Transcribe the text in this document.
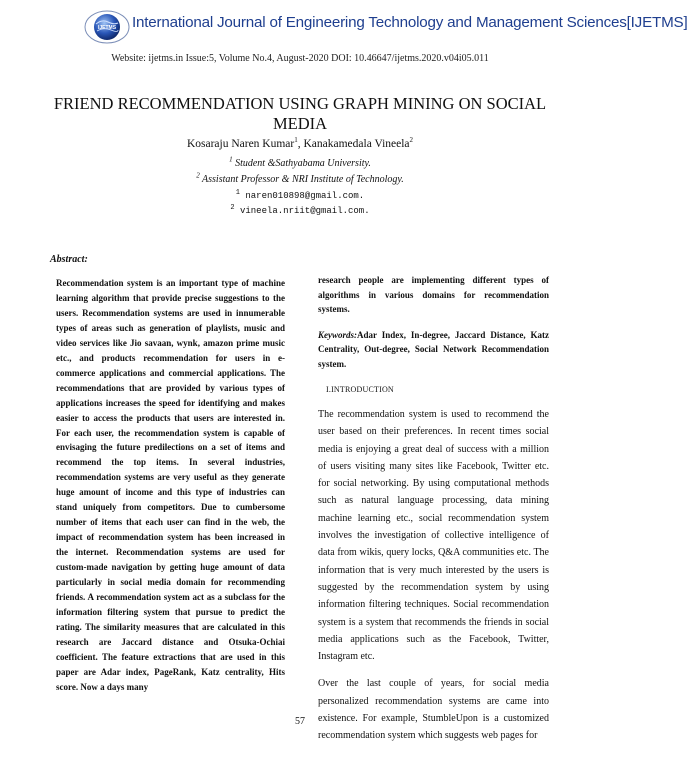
IJETMS International Journal of Engineering Technology and Management Sciences[IJETMS]
Website: ijetms.in Issue:5, Volume No.4, August-2020 DOI: 10.46647/ijetms.2020.v04i05.011
FRIEND RECOMMENDATION USING GRAPH MINING ON SOCIAL MEDIA
Kosaraju Naren Kumar$^1$, Kanakamedala Vineela$^2$
$^1$ Student &Sathyabama University.
$^2$ Assistant Professor & NRI Institute of Technology.
$^1$ naren010898@gmail.com.
$^2$ vineela.nriit@gmail.com.
Abstract:
Recommendation system is an important type of machine learning algorithm that provide precise suggestions to the users. Recommendation systems are used in innumerable types of areas such as generation of playlists, music and video services like Jio savaan, wynk, amazon prime music etc., and products recommendation for users in e-commerce applications and commercial applications. The recommendations that are provided by various types of applications increases the speed for identifying and makes easier to access the products that users are interested in. For each user, the recommendation system is capable of envisaging the future predilections on a set of items and recommend the top items. In several industries, recommendation systems are very useful as they generate huge amount of income and this type of industries can stand uniquely from competitors. Due to cumbersome number of items that each user can find in the web, the impact of recommendation system has been increased in the internet. Recommendation systems are used for custom-made navigation by getting huge amount of data particularly in social media domain for recommending friends. A recommendation system act as a subclass for the information filtering system that pursue to predict the rating. The similarity measures that are calculated in this research are Jaccard distance and Otsuka-Ochiai coefficient. The feature extractions that are used in this paper are Adar index, PageRank, Katz centrality, Hits score. Now a days many

research people are implementing different types of algorithms in various domains for recommendation systems.

Keywords:Adar Index, In-degree, Jaccard Distance, Katz Centrality, Out-degree, Social Network Recommendation system.

I.INTRODUCTION

The recommendation system is used to recommend the user based on their preferences. In recent times social media is enjoying a great deal of success with a million of users visiting many sites like Facebook, Twitter etc. for social networking. By using computational methods such as natural language processing, data mining machine learning etc., social recommendation system involves the investigation of collective intelligence of data from wikis, query locks, Q&A communities etc. The information that is very much interested by the users is suggested by the recommendation system by using information filtering techniques. Social recommendation system is a system that recommends the friends in social media applications such as the Facebook, Twitter, Instagram etc.

Over the last couple of years, for social media personalized recommendation systems are came into existence. For example, StumbleUpon is a customized recommendation system which suggests web pages for

57
